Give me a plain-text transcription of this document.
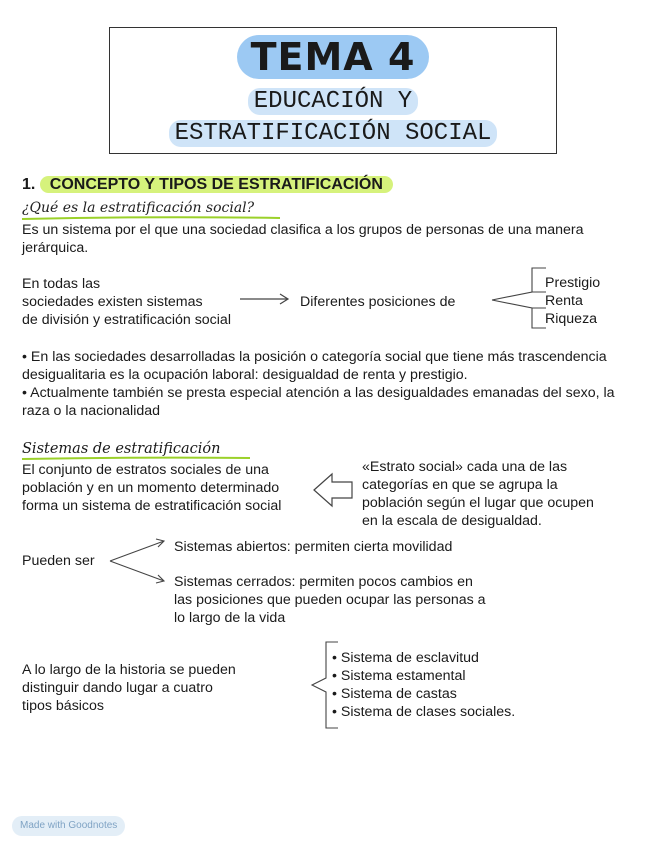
TEMA 4
EDUCACIÓN Y
ESTRATIFICACIÓN SOCIAL
1. CONCEPTO Y TIPOS DE ESTRATIFICACIÓN
¿Qué es la estratificación social?
Es un sistema por el que una sociedad clasifica a los grupos de personas de una manera jerárquica.
En todas las
sociedades existen sistemas
de división y estratificación social
Diferentes posiciones de
Prestigio
Renta
Riqueza
• En las sociedades desarrolladas la posición o categoría social que tiene más trascendencia desigualitaria es la ocupación laboral: desigualdad de renta y prestigio.
• Actualmente también se presta especial atención a las desigualdades emanadas del sexo, la raza o la nacionalidad
Sistemas de estratificación
El conjunto de estratos sociales de una
población y en un momento determinado
forma un sistema de estratificación social
«Estrato social» cada una de las
categorías en que se agrupa la
población según el lugar que ocupen
en la escala de desigualdad.
Pueden ser
Sistemas abiertos: permiten cierta movilidad
Sistemas cerrados: permiten pocos cambios en
las posiciones que pueden ocupar las personas a
lo largo de la vida
A lo largo de la historia se pueden
distinguir dando lugar a cuatro
tipos básicos
• Sistema de esclavitud
• Sistema estamental
• Sistema de castas
• Sistema de clases sociales.
Made with Goodnotes
